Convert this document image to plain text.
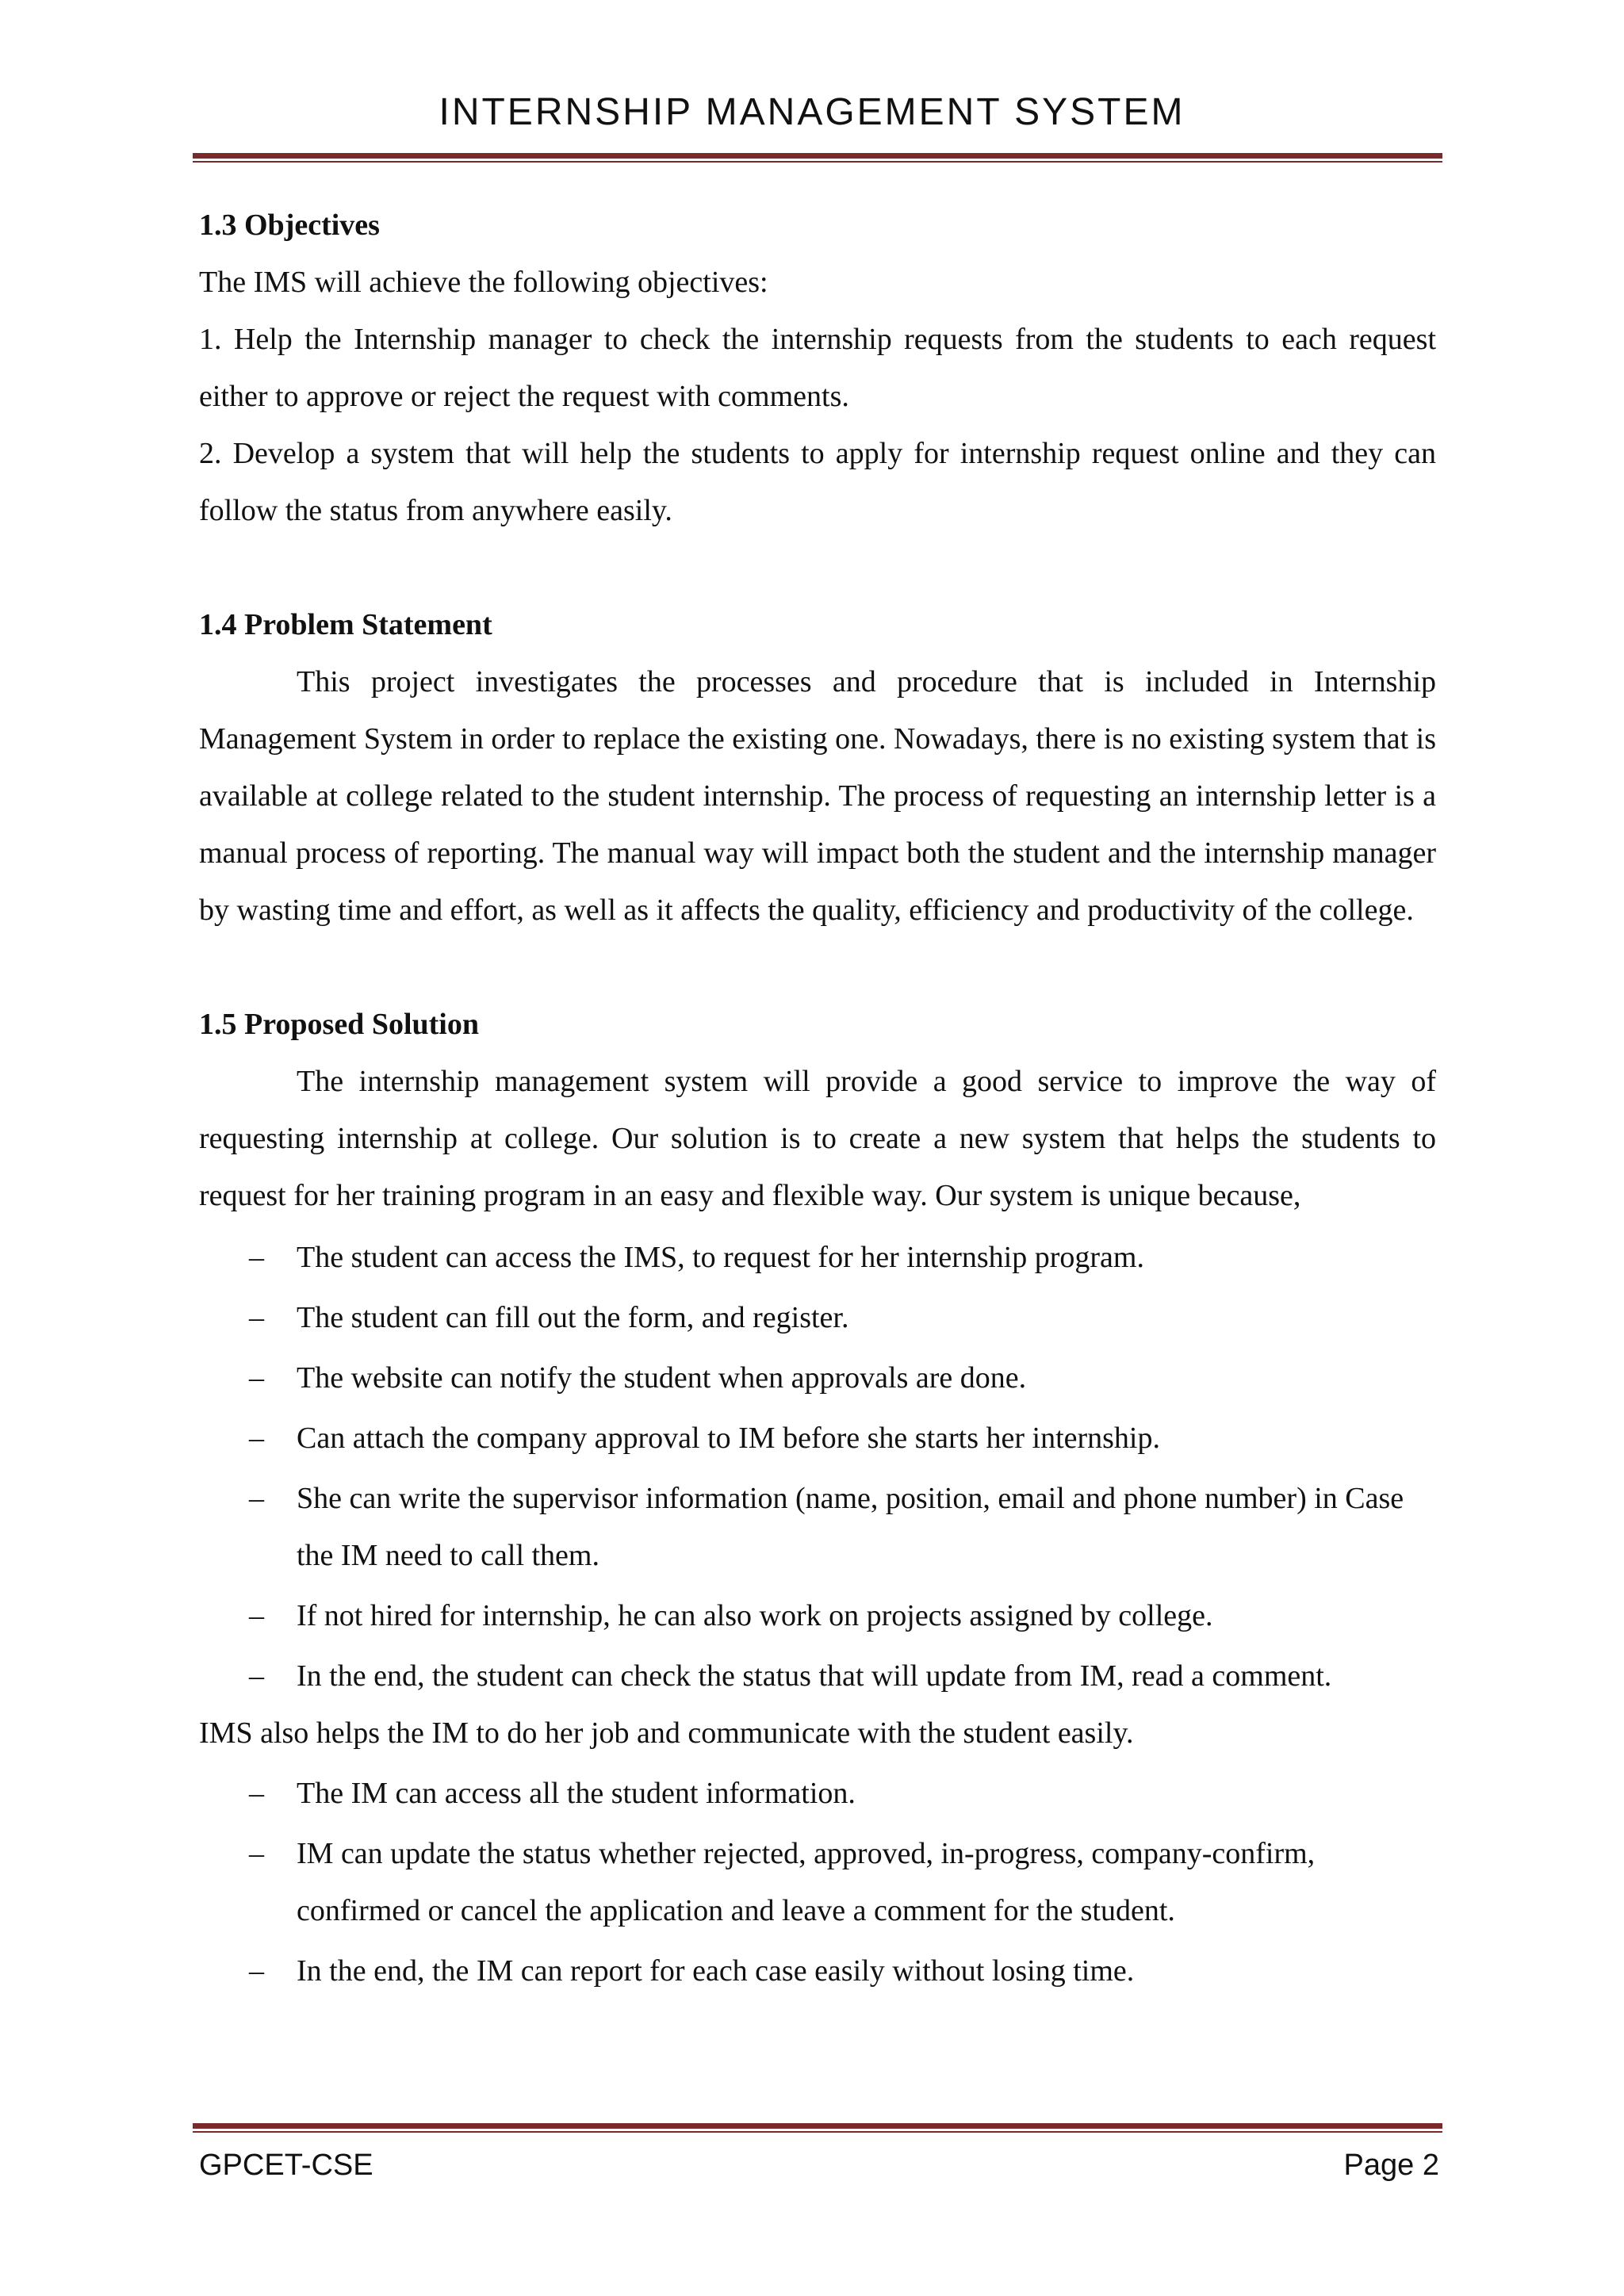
INTERNSHIP MANAGEMENT SYSTEM

1.3 Objectives

The IMS will achieve the following objectives:

1. Help the Internship manager to check the internship requests from the students to each request either to approve or reject the request with comments.

2. Develop a system that will help the students to apply for internship request online and they can follow the status from anywhere easily.

1.4 Problem Statement

This project investigates the processes and procedure that is included in Internship Management System in order to replace the existing one. Nowadays, there is no existing system that is available at college related to the student internship. The process of requesting an internship letter is a manual process of reporting. The manual way will impact both the student and the internship manager by wasting time and effort, as well as it affects the quality, efficiency and productivity of the college.

1.5 Proposed Solution

The internship management system will provide a good service to improve the way of requesting internship at college. Our solution is to create a new system that helps the students to request for her training program in an easy and flexible way. Our system is unique because,

– The student can access the IMS, to request for her internship program.
– The student can fill out the form, and register.
– The website can notify the student when approvals are done.
– Can attach the company approval to IM before she starts her internship.
– She can write the supervisor information (name, position, email and phone number) in Case the IM need to call them.
– If not hired for internship, he can also work on projects assigned by college.
– In the end, the student can check the status that will update from IM, read a comment.

IMS also helps the IM to do her job and communicate with the student easily.

– The IM can access all the student information.
– IM can update the status whether rejected, approved, in-progress, company-confirm, confirmed or cancel the application and leave a comment for the student.
– In the end, the IM can report for each case easily without losing time.
GPCET-CSE	Page 2
